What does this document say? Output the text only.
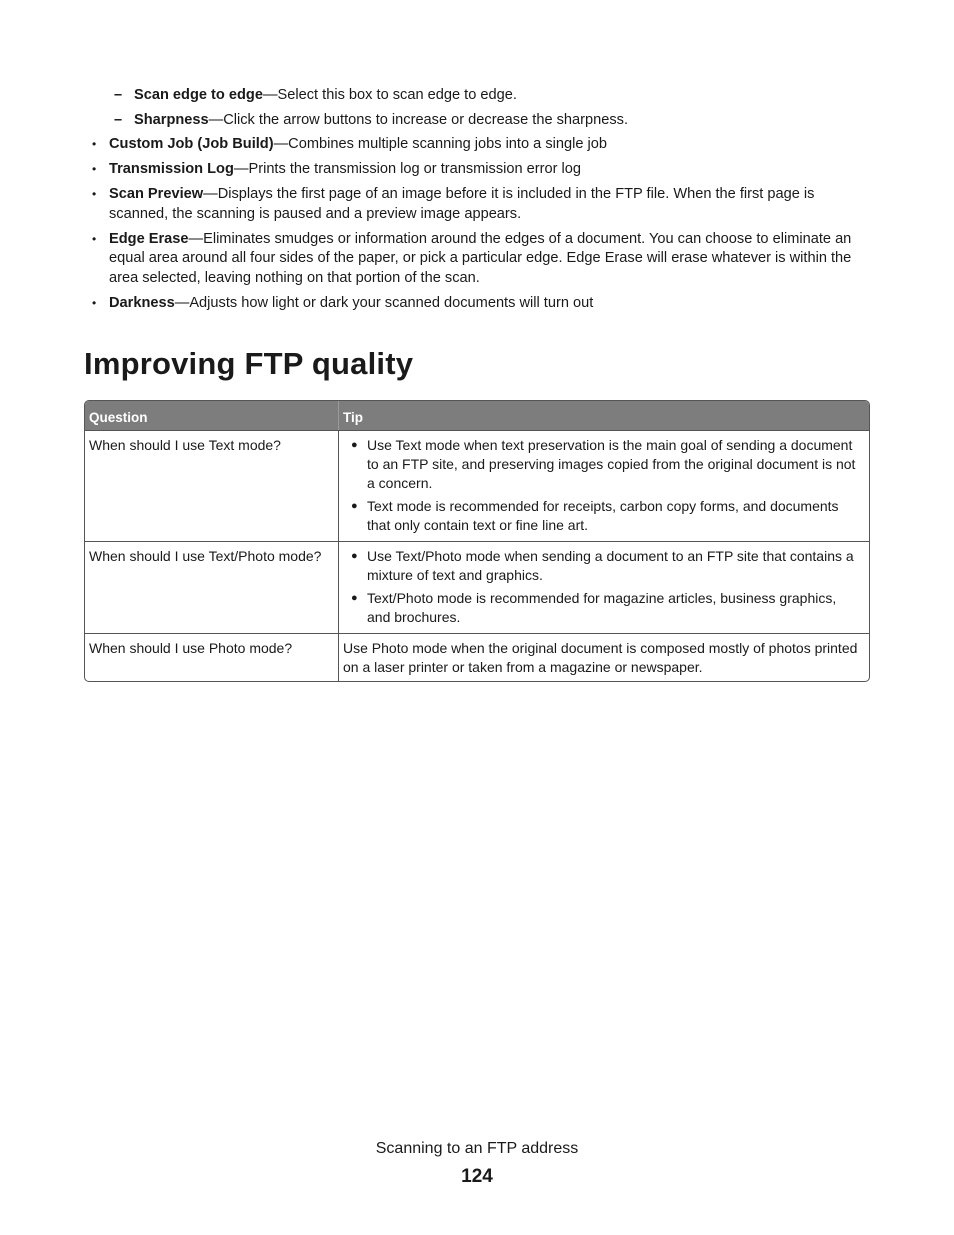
– Scan edge to edge—Select this box to scan edge to edge.
– Sharpness—Click the arrow buttons to increase or decrease the sharpness.
• Custom Job (Job Build)—Combines multiple scanning jobs into a single job
• Transmission Log—Prints the transmission log or transmission error log
• Scan Preview—Displays the first page of an image before it is included in the FTP file. When the first page is scanned, the scanning is paused and a preview image appears.
• Edge Erase—Eliminates smudges or information around the edges of a document. You can choose to eliminate an equal area around all four sides of the paper, or pick a particular edge. Edge Erase will erase whatever is within the area selected, leaving nothing on that portion of the scan.
• Darkness—Adjusts how light or dark your scanned documents will turn out
Improving FTP quality
Question	Tip
When should I use Text mode?	● Use Text mode when text preservation is the main goal of sending a document to an FTP site, and preserving images copied from the original document is not a concern.
● Text mode is recommended for receipts, carbon copy forms, and documents that only contain text or fine line art.

When should I use Text/Photo mode?	● Use Text/Photo mode when sending a document to an FTP site that contains a mixture of text and graphics.
● Text/Photo mode is recommended for magazine articles, business graphics, and brochures.

When should I use Photo mode?	Use Photo mode when the original document is composed mostly of photos printed on a laser printer or taken from a magazine or newspaper.
Scanning to an FTP address
124
